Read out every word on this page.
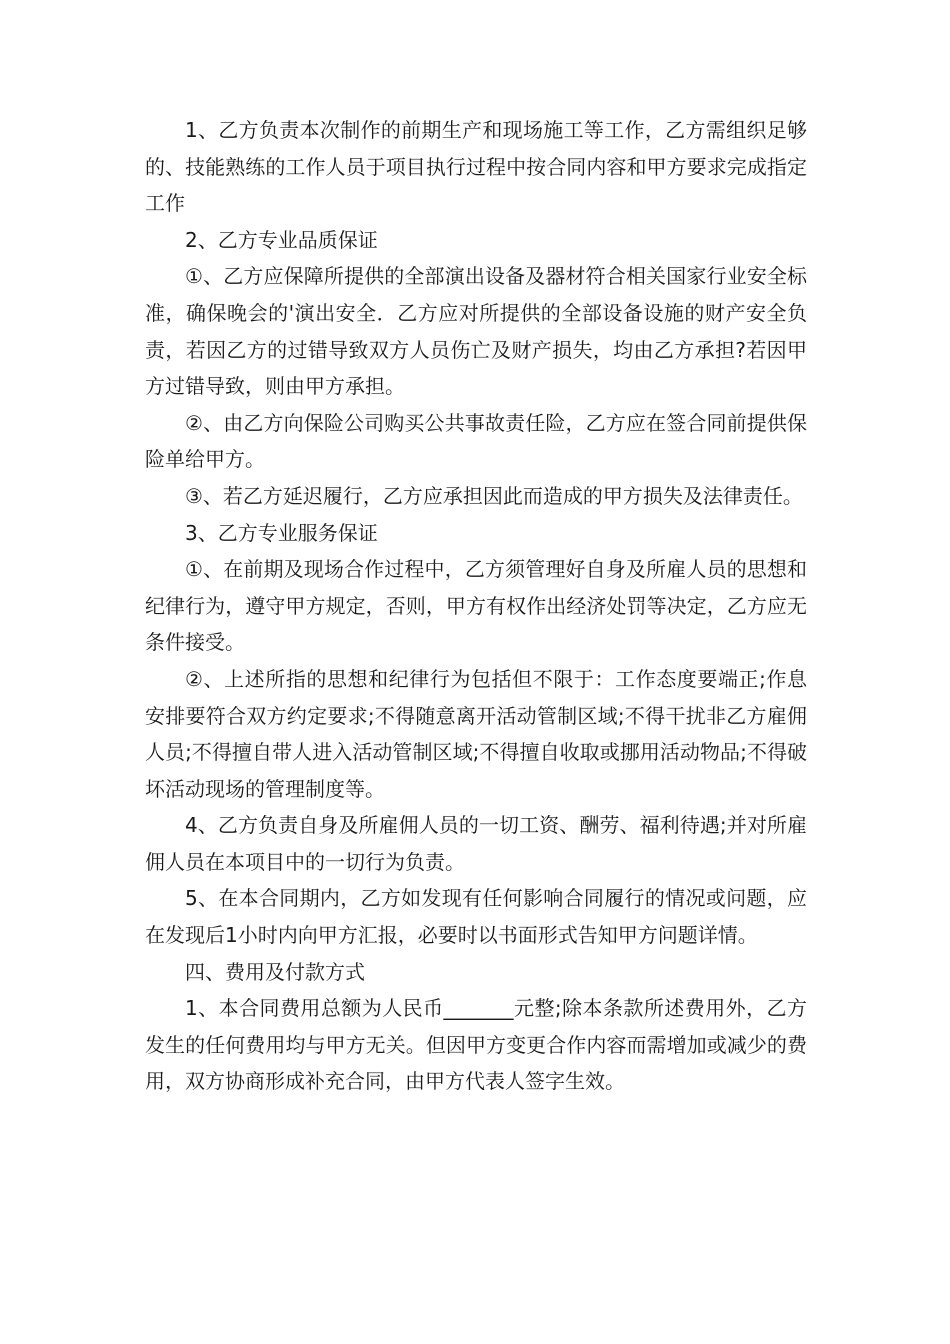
1、乙方负责本次制作的前期生产和现场施工等工作，乙方需组织足够的、技能熟练的工作人员于项目执行过程中按合同内容和甲方要求完成指定工作

2、乙方专业品质保证

①、乙方应保障所提供的全部演出设备及器材符合相关国家行业安全标准，确保晚会的'演出安全．乙方应对所提供的全部设备设施的财产安全负责，若因乙方的过错导致双方人员伤亡及财产损失，均由乙方承担?若因甲方过错导致，则由甲方承担。

②、由乙方向保险公司购买公共事故责任险，乙方应在签合同前提供保险单给甲方。

③、若乙方延迟履行，乙方应承担因此而造成的甲方损失及法律责任。

3、乙方专业服务保证

①、在前期及现场合作过程中，乙方须管理好自身及所雇人员的思想和纪律行为，遵守甲方规定，否则，甲方有权作出经济处罚等决定，乙方应无条件接受。

②、上述所指的思想和纪律行为包括但不限于：工作态度要端正;作息安排要符合双方约定要求;不得随意离开活动管制区域;不得干扰非乙方雇佣人员;不得擅自带人进入活动管制区域;不得擅自收取或挪用活动物品;不得破坏活动现场的管理制度等。

4、乙方负责自身及所雇佣人员的一切工资、酬劳、福利待遇;并对所雇佣人员在本项目中的一切行为负责。

5、在本合同期内，乙方如发现有任何影响合同履行的情况或问题，应在发现后1小时内向甲方汇报，必要时以书面形式告知甲方问题详情。

四、费用及付款方式

1、本合同费用总额为人民币_______元整;除本条款所述费用外，乙方发生的任何费用均与甲方无关。但因甲方变更合作内容而需增加或减少的费用，双方协商形成补充合同，由甲方代表人签字生效。
